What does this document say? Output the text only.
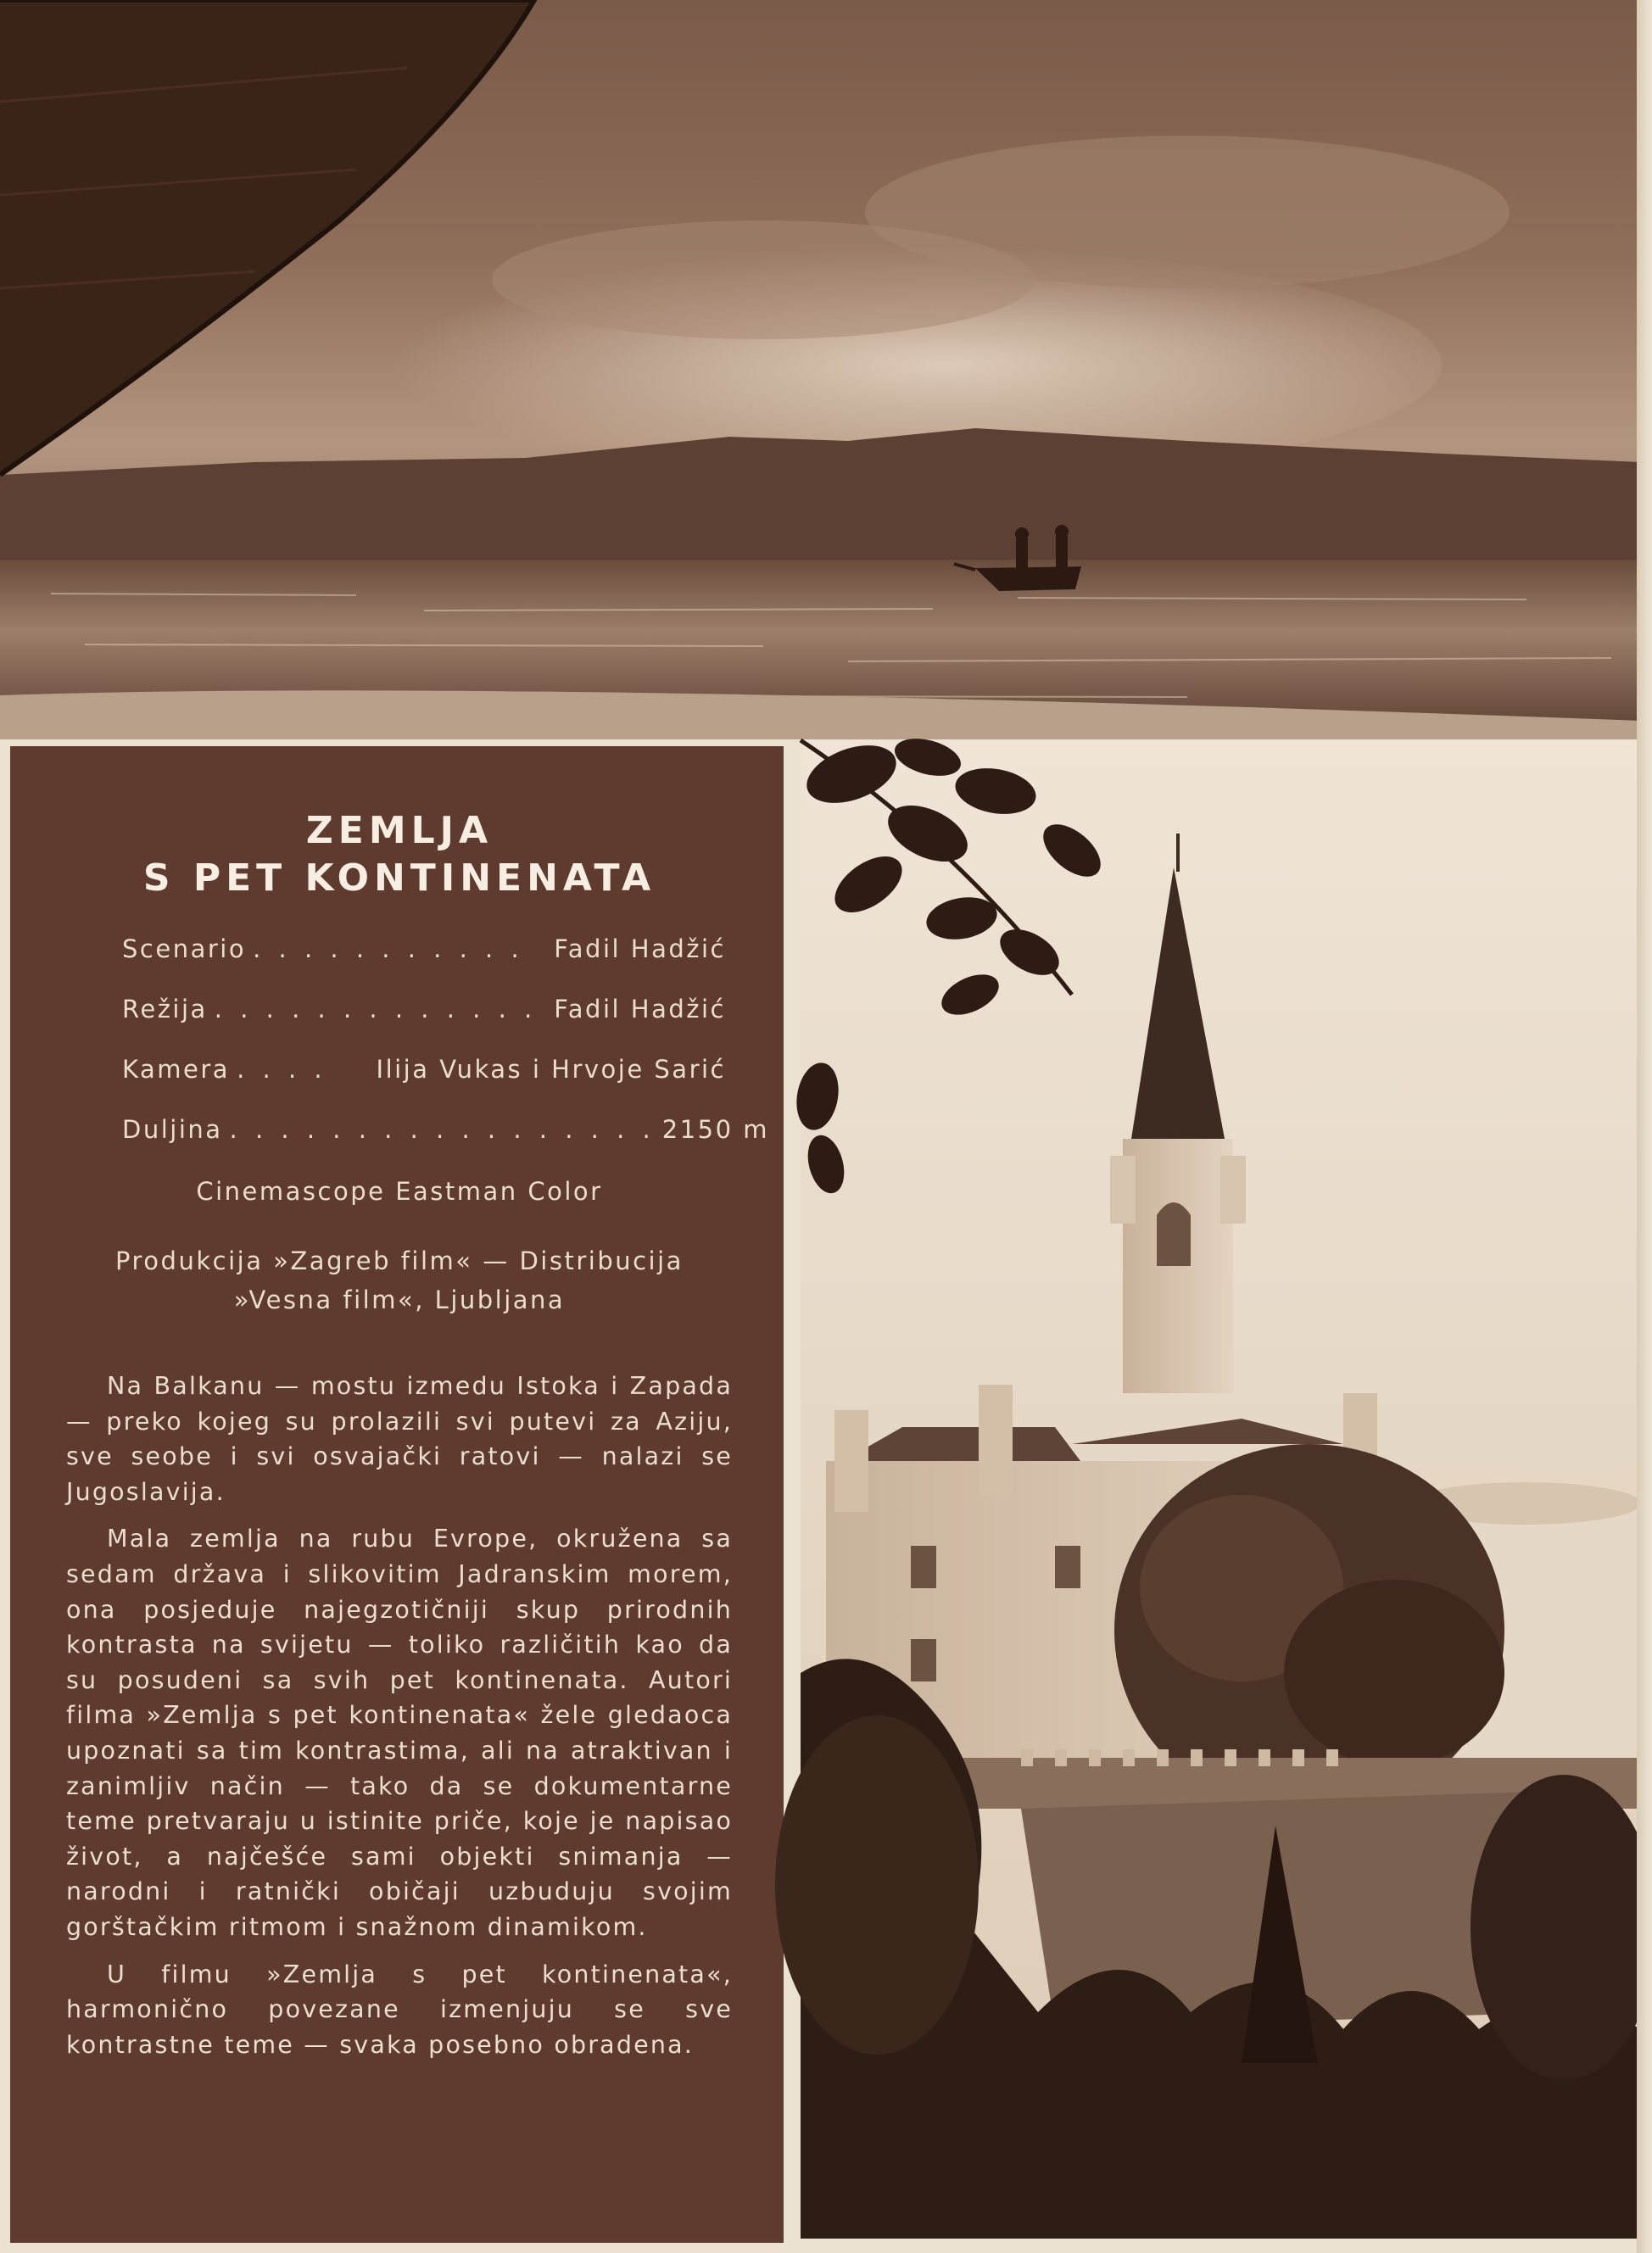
ZEMLJA
S PET KONTINENATA
Scenario . . . . . . . . . . .	Fadil Hadžić
Režija . . . . . . . . . . . . . Fadil Hadžić
Kamera . . . .	Ilija Vukas i Hrvoje Sarić
Duljina . . . . . . . . . . . . . . . . . 2150 m
Cinemascope Eastman Color
Produkcija »Zagreb film« — Distribucija
»Vesna film«, Ljubljana

Na Balkanu — mostu izmedu Istoka i Zapada — preko kojeg su prolazili svi putevi za Aziju, sve seobe i svi osvajački ratovi — nalazi se Jugoslavija.

Mala zemlja na rubu Evrope, okružena sa sedam država i slikovitim Jadranskim morem, ona posjeduje najegzotičniji skup prirodnih kontrasta na svijetu — toliko različitih kao da su posudeni sa svih pet kontinenata. Autori filma »Zemlja s pet kontinenata« žele gledaoca upoznati sa tim kontrastima, ali na atraktivan i zanimljiv način — tako da se dokumentarne teme pretvaraju u istinite priče, koje je napisao život, a najčešće sami objekti snimanja — narodni i ratnički običaji uzbuduju svojim gorštačkim ritmom i snažnom dinamikom.

U filmu »Zemlja s pet kontinenata«, harmonično povezane izmenjuju se sve kontrastne teme — svaka posebno obradena.
